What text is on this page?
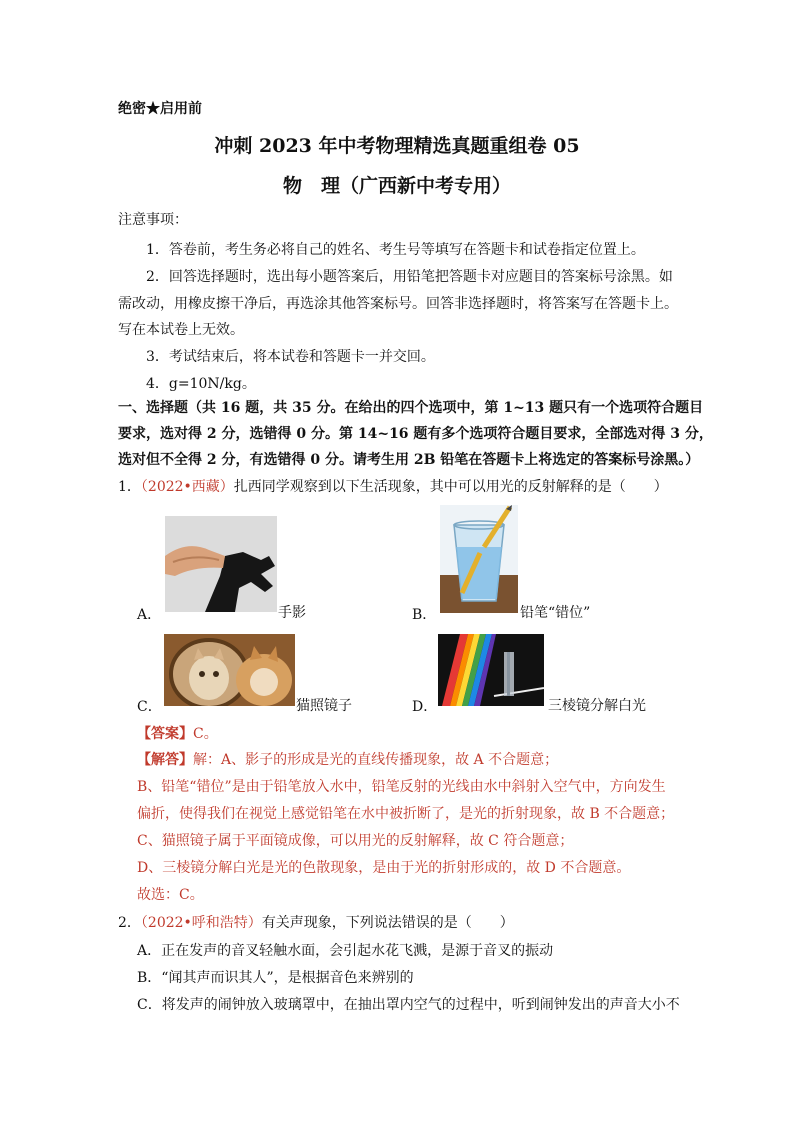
绝密★启用前
冲刺 2023 年中考物理精选真题重组卷 05
物　理（广西新中考专用）
注意事项：
1．答卷前，考生务必将自己的姓名、考生号等填写在答题卡和试卷指定位置上。
2．回答选择题时，选出每小题答案后，用铅笔把答题卡对应题目的答案标号涂黑。如
需改动，用橡皮擦干净后，再选涂其他答案标号。回答非选择题时，将答案写在答题卡上。
写在本试卷上无效。
3．考试结束后，将本试卷和答题卡一并交回。
4．g=10N/kg。
一、选择题（共 16 题，共 35 分。在给出的四个选项中，第 1~13 题只有一个选项符合题目
要求，选对得 2 分，选错得 0 分。第 14~16 题有多个选项符合题目要求，全部选对得 3 分，
选对但不全得 2 分，有选错得 0 分。请考生用 2B 铅笔在答题卡上将选定的答案标号涂黑。）
1．（2022•西藏）扎西同学观察到以下生活现象，其中可以用光的反射解释的是（　　）
A．	手影	B．	铅笔“错位”
C．	猫照镜子	D．	三棱镜分解白光
【答案】C。
【解答】解：A、影子的形成是光的直线传播现象，故 A 不合题意；
B、铅笔“错位”是由于铅笔放入水中，铅笔反射的光线由水中斜射入空气中，方向发生
偏折，使得我们在视觉上感觉铅笔在水中被折断了，是光的折射现象，故 B 不合题意；
C、猫照镜子属于平面镜成像，可以用光的反射解释，故 C 符合题意；
D、三棱镜分解白光是光的色散现象，是由于光的折射形成的，故 D 不合题意。
故选：C。
2．（2022•呼和浩特）有关声现象，下列说法错误的是（　　）
A．正在发声的音叉轻触水面，会引起水花飞溅，是源于音叉的振动
B．“闻其声而识其人”，是根据音色来辨别的
C．将发声的闹钟放入玻璃罩中，在抽出罩内空气的过程中，听到闹钟发出的声音大小不
